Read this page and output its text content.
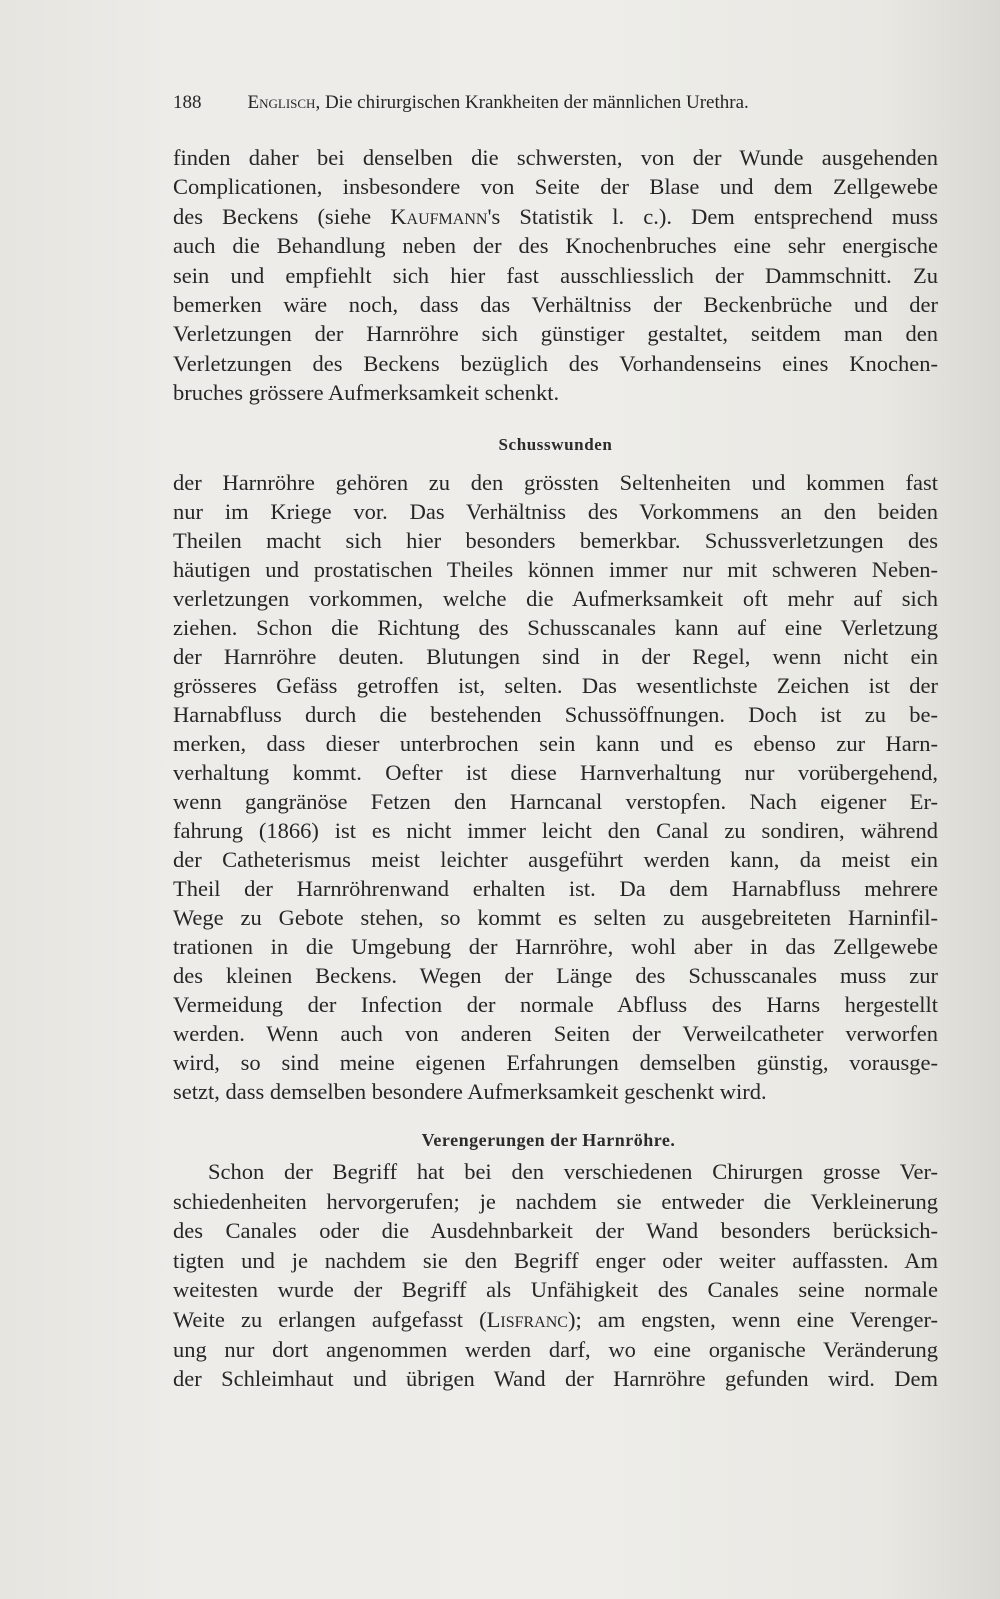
188 Englisch, Die chirurgischen Krankheiten der männlichen Urethra.
finden daher bei denselben die schwersten, von der Wunde ausgehenden
Complicationen, insbesondere von Seite der Blase und dem Zellgewebe
des Beckens (siehe Kaufmann's Statistik l. c.). Dem entsprechend muss
auch die Behandlung neben der des Knochenbruches eine sehr energische
sein und empfiehlt sich hier fast ausschliesslich der Dammschnitt. Zu
bemerken wäre noch, dass das Verhältniss der Beckenbrüche und der
Verletzungen der Harnröhre sich günstiger gestaltet, seitdem man den
Verletzungen des Beckens bezüglich des Vorhandenseins eines Knochen-
bruches grössere Aufmerksamkeit schenkt.
Schusswunden
der Harnröhre gehören zu den grössten Seltenheiten und kommen fast
nur im Kriege vor. Das Verhältniss des Vorkommens an den beiden
Theilen macht sich hier besonders bemerkbar. Schussverletzungen des
häutigen und prostatischen Theiles können immer nur mit schweren Neben-
verletzungen vorkommen, welche die Aufmerksamkeit oft mehr auf sich
ziehen. Schon die Richtung des Schusscanales kann auf eine Verletzung
der Harnröhre deuten. Blutungen sind in der Regel, wenn nicht ein
grösseres Gefäss getroffen ist, selten. Das wesentlichste Zeichen ist der
Harnabfluss durch die bestehenden Schussöffnungen. Doch ist zu be-
merken, dass dieser unterbrochen sein kann und es ebenso zur Harn-
verhaltung kommt. Oefter ist diese Harnverhaltung nur vorübergehend,
wenn gangränöse Fetzen den Harncanal verstopfen. Nach eigener Er-
fahrung (1866) ist es nicht immer leicht den Canal zu sondiren, während
der Catheterismus meist leichter ausgeführt werden kann, da meist ein
Theil der Harnröhrenwand erhalten ist. Da dem Harnabfluss mehrere
Wege zu Gebote stehen, so kommt es selten zu ausgebreiteten Harninfil-
trationen in die Umgebung der Harnröhre, wohl aber in das Zellgewebe
des kleinen Beckens. Wegen der Länge des Schusscanales muss zur
Vermeidung der Infection der normale Abfluss des Harns hergestellt
werden. Wenn auch von anderen Seiten der Verweilcatheter verworfen
wird, so sind meine eigenen Erfahrungen demselben günstig, vorausge-
setzt, dass demselben besondere Aufmerksamkeit geschenkt wird.
Verengerungen der Harnröhre.
Schon der Begriff hat bei den verschiedenen Chirurgen grosse Ver-
schiedenheiten hervorgerufen; je nachdem sie entweder die Verkleinerung
des Canales oder die Ausdehnbarkeit der Wand besonders berücksich-
tigten und je nachdem sie den Begriff enger oder weiter auffassten. Am
weitesten wurde der Begriff als Unfähigkeit des Canales seine normale
Weite zu erlangen aufgefasst (Lisfranc); am engsten, wenn eine Verenger-
ung nur dort angenommen werden darf, wo eine organische Veränderung
der Schleimhaut und übrigen Wand der Harnröhre gefunden wird. Dem
